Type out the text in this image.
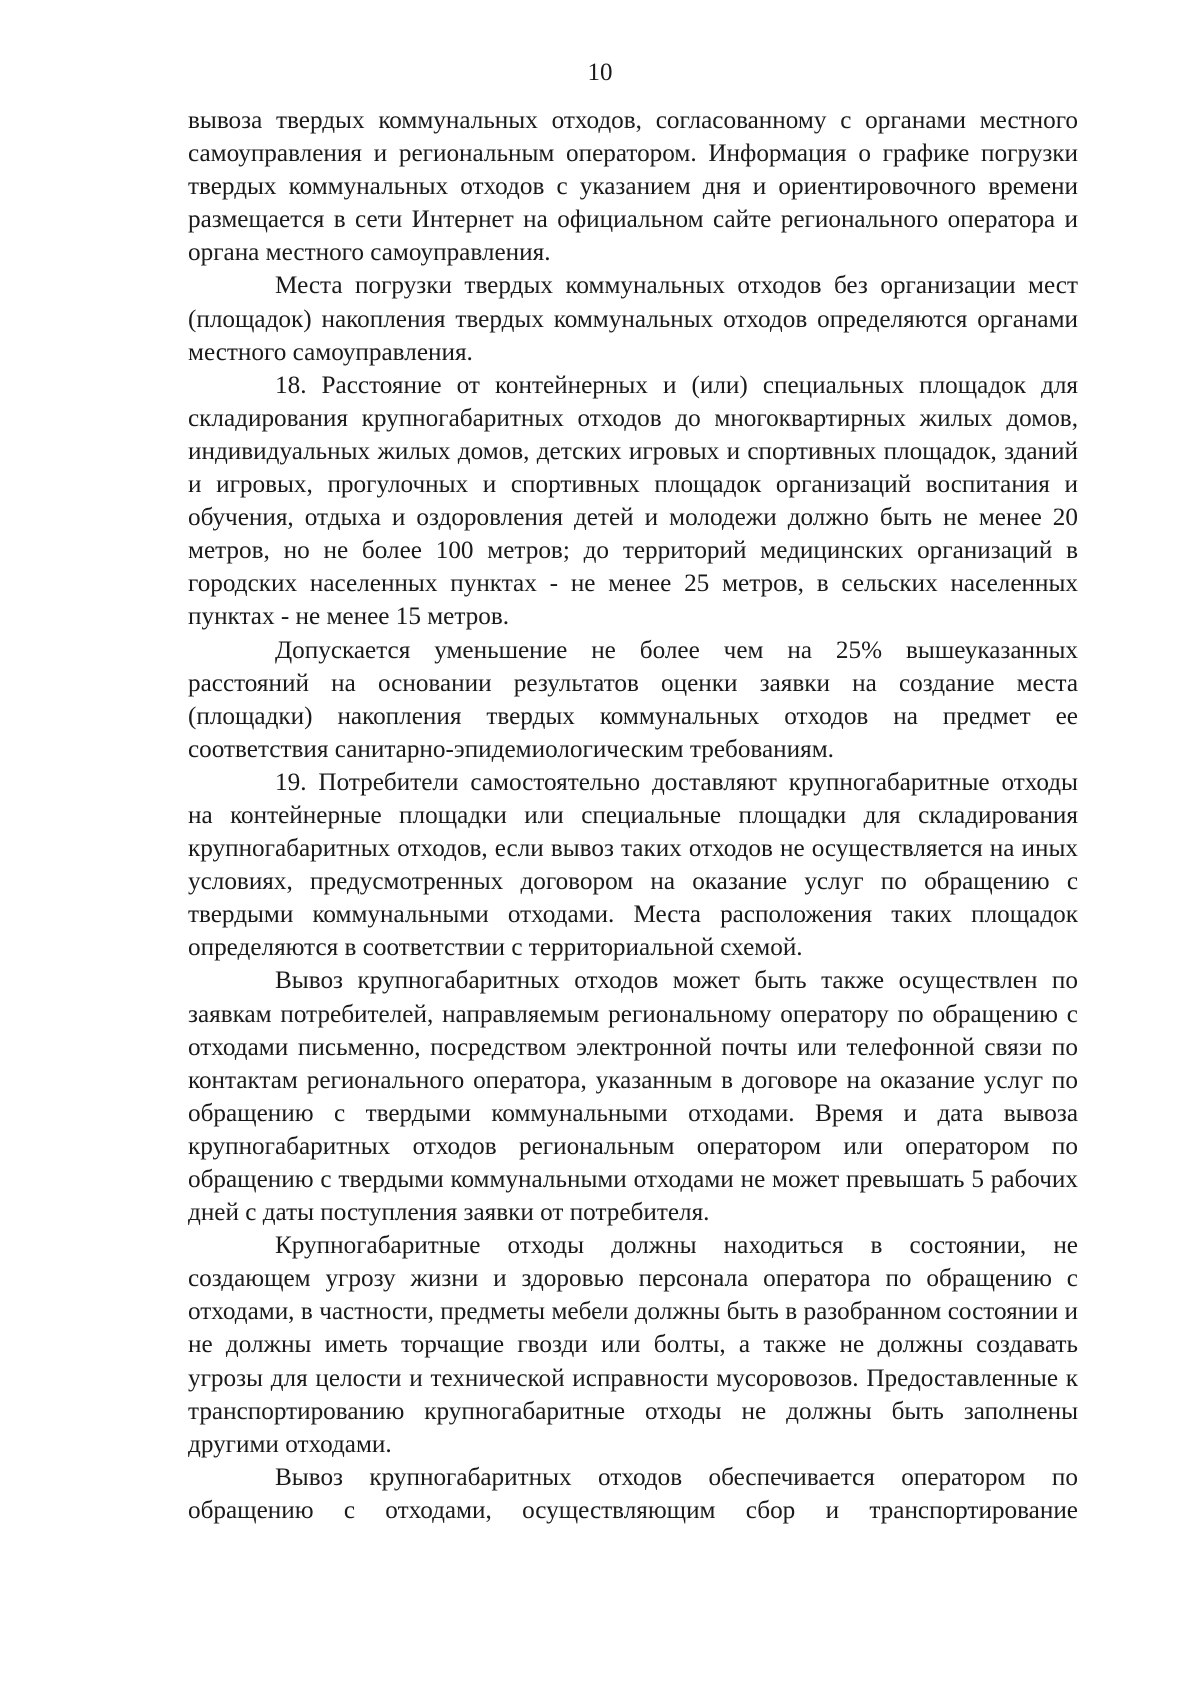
10

вывоза твердых коммунальных отходов, согласованному с органами местного самоуправления и региональным оператором. Информация о графике погрузки твердых коммунальных отходов с указанием дня и ориентировочного времени размещается в сети Интернет на официальном сайте регионального оператора и органа местного самоуправления.

Места погрузки твердых коммунальных отходов без организации мест (площадок) накопления твердых коммунальных отходов определяются органами местного самоуправления.

18. Расстояние от контейнерных и (или) специальных площадок для складирования крупногабаритных отходов до многоквартирных жилых домов, индивидуальных жилых домов, детских игровых и спортивных площадок, зданий и игровых, прогулочных и спортивных площадок организаций воспитания и обучения, отдыха и оздоровления детей и молодежи должно быть не менее 20 метров, но не более 100 метров; до территорий медицинских организаций в городских населенных пунктах - не менее 25 метров, в сельских населенных пунктах - не менее 15 метров.

Допускается уменьшение не более чем на 25% вышеуказанных расстояний на основании результатов оценки заявки на создание места (площадки) накопления твердых коммунальных отходов на предмет ее соответствия санитарно-эпидемиологическим требованиям.

19. Потребители самостоятельно доставляют крупногабаритные отходы на контейнерные площадки или специальные площадки для складирования крупногабаритных отходов, если вывоз таких отходов не осуществляется на иных условиях, предусмотренных договором на оказание услуг по обращению с твердыми коммунальными отходами. Места расположения таких площадок определяются в соответствии с территориальной схемой.

Вывоз крупногабаритных отходов может быть также осуществлен по заявкам потребителей, направляемым региональному оператору по обращению с отходами письменно, посредством электронной почты или телефонной связи по контактам регионального оператора, указанным в договоре на оказание услуг по обращению с твердыми коммунальными отходами. Время и дата вывоза крупногабаритных отходов региональным оператором или оператором по обращению с твердыми коммунальными отходами не может превышать 5 рабочих дней с даты поступления заявки от потребителя.

Крупногабаритные отходы должны находиться в состоянии, не создающем угрозу жизни и здоровью персонала оператора по обращению с отходами, в частности, предметы мебели должны быть в разобранном состоянии и не должны иметь торчащие гвозди или болты, а также не должны создавать угрозы для целости и технической исправности мусоровозов. Предоставленные к транспортированию крупногабаритные отходы не должны быть заполнены другими отходами.

Вывоз крупногабаритных отходов обеспечивается оператором по обращению с отходами, осуществляющим сбор и транспортирование
